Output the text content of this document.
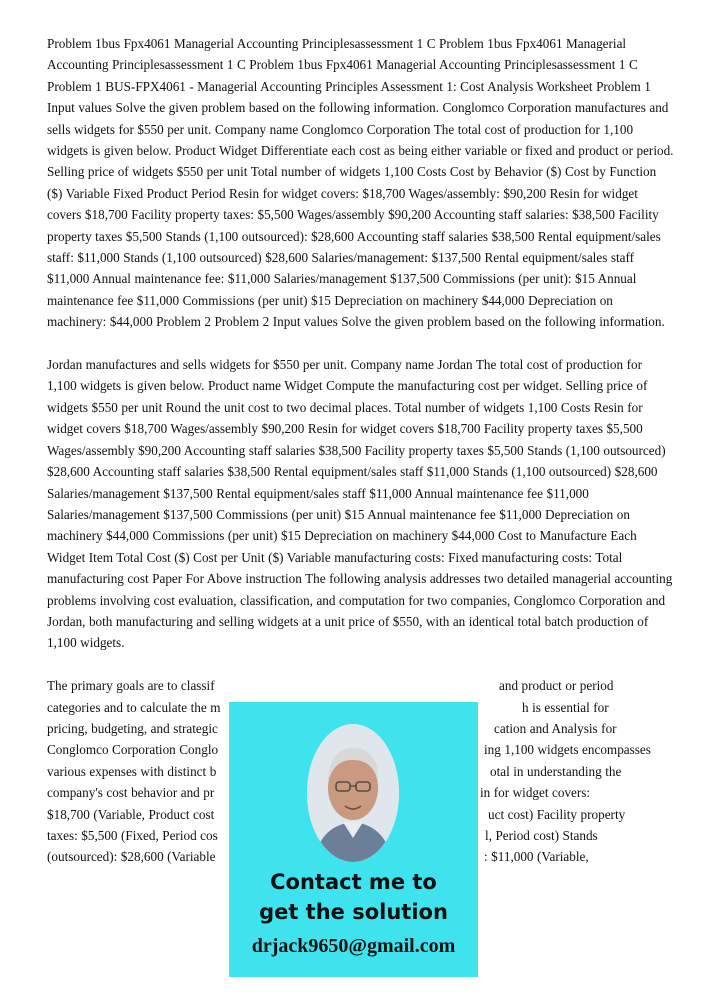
Problem 1bus Fpx4061 Managerial Accounting Principlesassessment 1 C Problem 1bus Fpx4061 Managerial Accounting Principlesassessment 1 C Problem 1bus Fpx4061 Managerial Accounting Principlesassessment 1 C Problem 1 BUS-FPX4061 - Managerial Accounting Principles Assessment 1: Cost Analysis Worksheet Problem 1 Input values Solve the given problem based on the following information. Conglomco Corporation manufactures and sells widgets for $550 per unit. Company name Conglomco Corporation The total cost of production for 1,100 widgets is given below. Product Widget Differentiate each cost as being either variable or fixed and product or period. Selling price of widgets $550 per unit Total number of widgets 1,100 Costs Cost by Behavior ($) Cost by Function ($) Variable Fixed Product Period Resin for widget covers: $18,700 Wages/assembly: $90,200 Resin for widget covers $18,700 Facility property taxes: $5,500 Wages/assembly $90,200 Accounting staff salaries: $38,500 Facility property taxes $5,500 Stands (1,100 outsourced): $28,600 Accounting staff salaries $38,500 Rental equipment/sales staff: $11,000 Stands (1,100 outsourced) $28,600 Salaries/management: $137,500 Rental equipment/sales staff $11,000 Annual maintenance fee: $11,000 Salaries/management $137,500 Commissions (per unit): $15 Annual maintenance fee $11,000 Commissions (per unit) $15 Depreciation on machinery $44,000 Depreciation on machinery: $44,000 Problem 2 Problem 2 Input values Solve the given problem based on the following information.

Jordan manufactures and sells widgets for $550 per unit. Company name Jordan The total cost of production for 1,100 widgets is given below. Product name Widget Compute the manufacturing cost per widget. Selling price of widgets $550 per unit Round the unit cost to two decimal places. Total number of widgets 1,100 Costs Resin for widget covers $18,700 Wages/assembly $90,200 Resin for widget covers $18,700 Facility property taxes $5,500 Wages/assembly $90,200 Accounting staff salaries $38,500 Facility property taxes $5,500 Stands (1,100 outsourced) $28,600 Accounting staff salaries $38,500 Rental equipment/sales staff $11,000 Stands (1,100 outsourced) $28,600 Salaries/management $137,500 Rental equipment/sales staff $11,000 Annual maintenance fee $11,000 Salaries/management $137,500 Commissions (per unit) $15 Annual maintenance fee $11,000 Depreciation on machinery $44,000 Commissions (per unit) $15 Depreciation on machinery $44,000 Cost to Manufacture Each Widget Item Total Cost ($) Cost per Unit ($) Variable manufacturing costs: Fixed manufacturing costs: Total manufacturing cost Paper For Above instruction The following analysis addresses two detailed managerial accounting problems involving cost evaluation, classification, and computation for two companies, Conglomco Corporation and Jordan, both manufacturing and selling widgets at a unit price of $550, with an identical total batch production of 1,100 widgets.

The primary goals are to classif	and product or period
categories and to calculate the m	h is essential for
pricing, budgeting, and strategic	cation and Analysis for
Conglomco Corporation Conglo	ing 1,100 widgets encompasses
various expenses with distinct b	otal in understanding the
company's cost behavior and pr	in for widget covers:
$18,700 (Variable, Product cost	uct cost) Facility property
taxes: $5,500 (Fixed, Period cos	l, Period cost) Stands
(outsourced): $28,600 (Variable	: $11,000 (Variable,
Contact me to
get the solution
drjack9650@gmail.com
